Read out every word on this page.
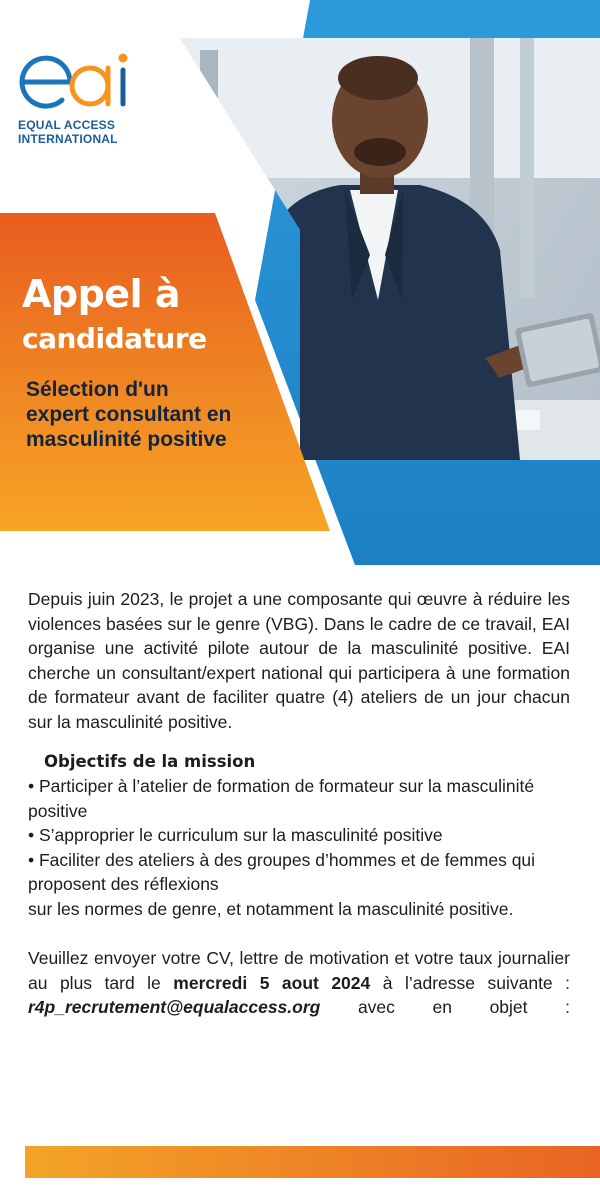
EQUAL ACCESS
INTERNATIONAL
Appel à
candidature
Sélection d'un
expert consultant en
masculinité positive

Depuis juin 2023, le projet a une composante qui œuvre à réduire les violences basées sur le genre (VBG). Dans le cadre de ce travail, EAI organise une activité pilote autour de la masculinité positive. EAI cherche un consultant/expert national qui participera à une formation de formateur avant de faciliter quatre (4) ateliers de un jour chacun sur la masculinité positive.

Objectifs de la mission
• Participer à l’atelier de formation de formateur sur la masculinité positive
• S’approprier le curriculum sur la masculinité positive
• Faciliter des ateliers à des groupes d’hommes et de femmes qui proposent des réflexions
sur les normes de genre, et notamment la masculinité positive.

Veuillez envoyer votre CV, lettre de motivation et votre taux journalier au plus tard le mercredi 5 aout 2024 à l’adresse suivante : r4p_recrutement@equalaccess.org avec en objet :
